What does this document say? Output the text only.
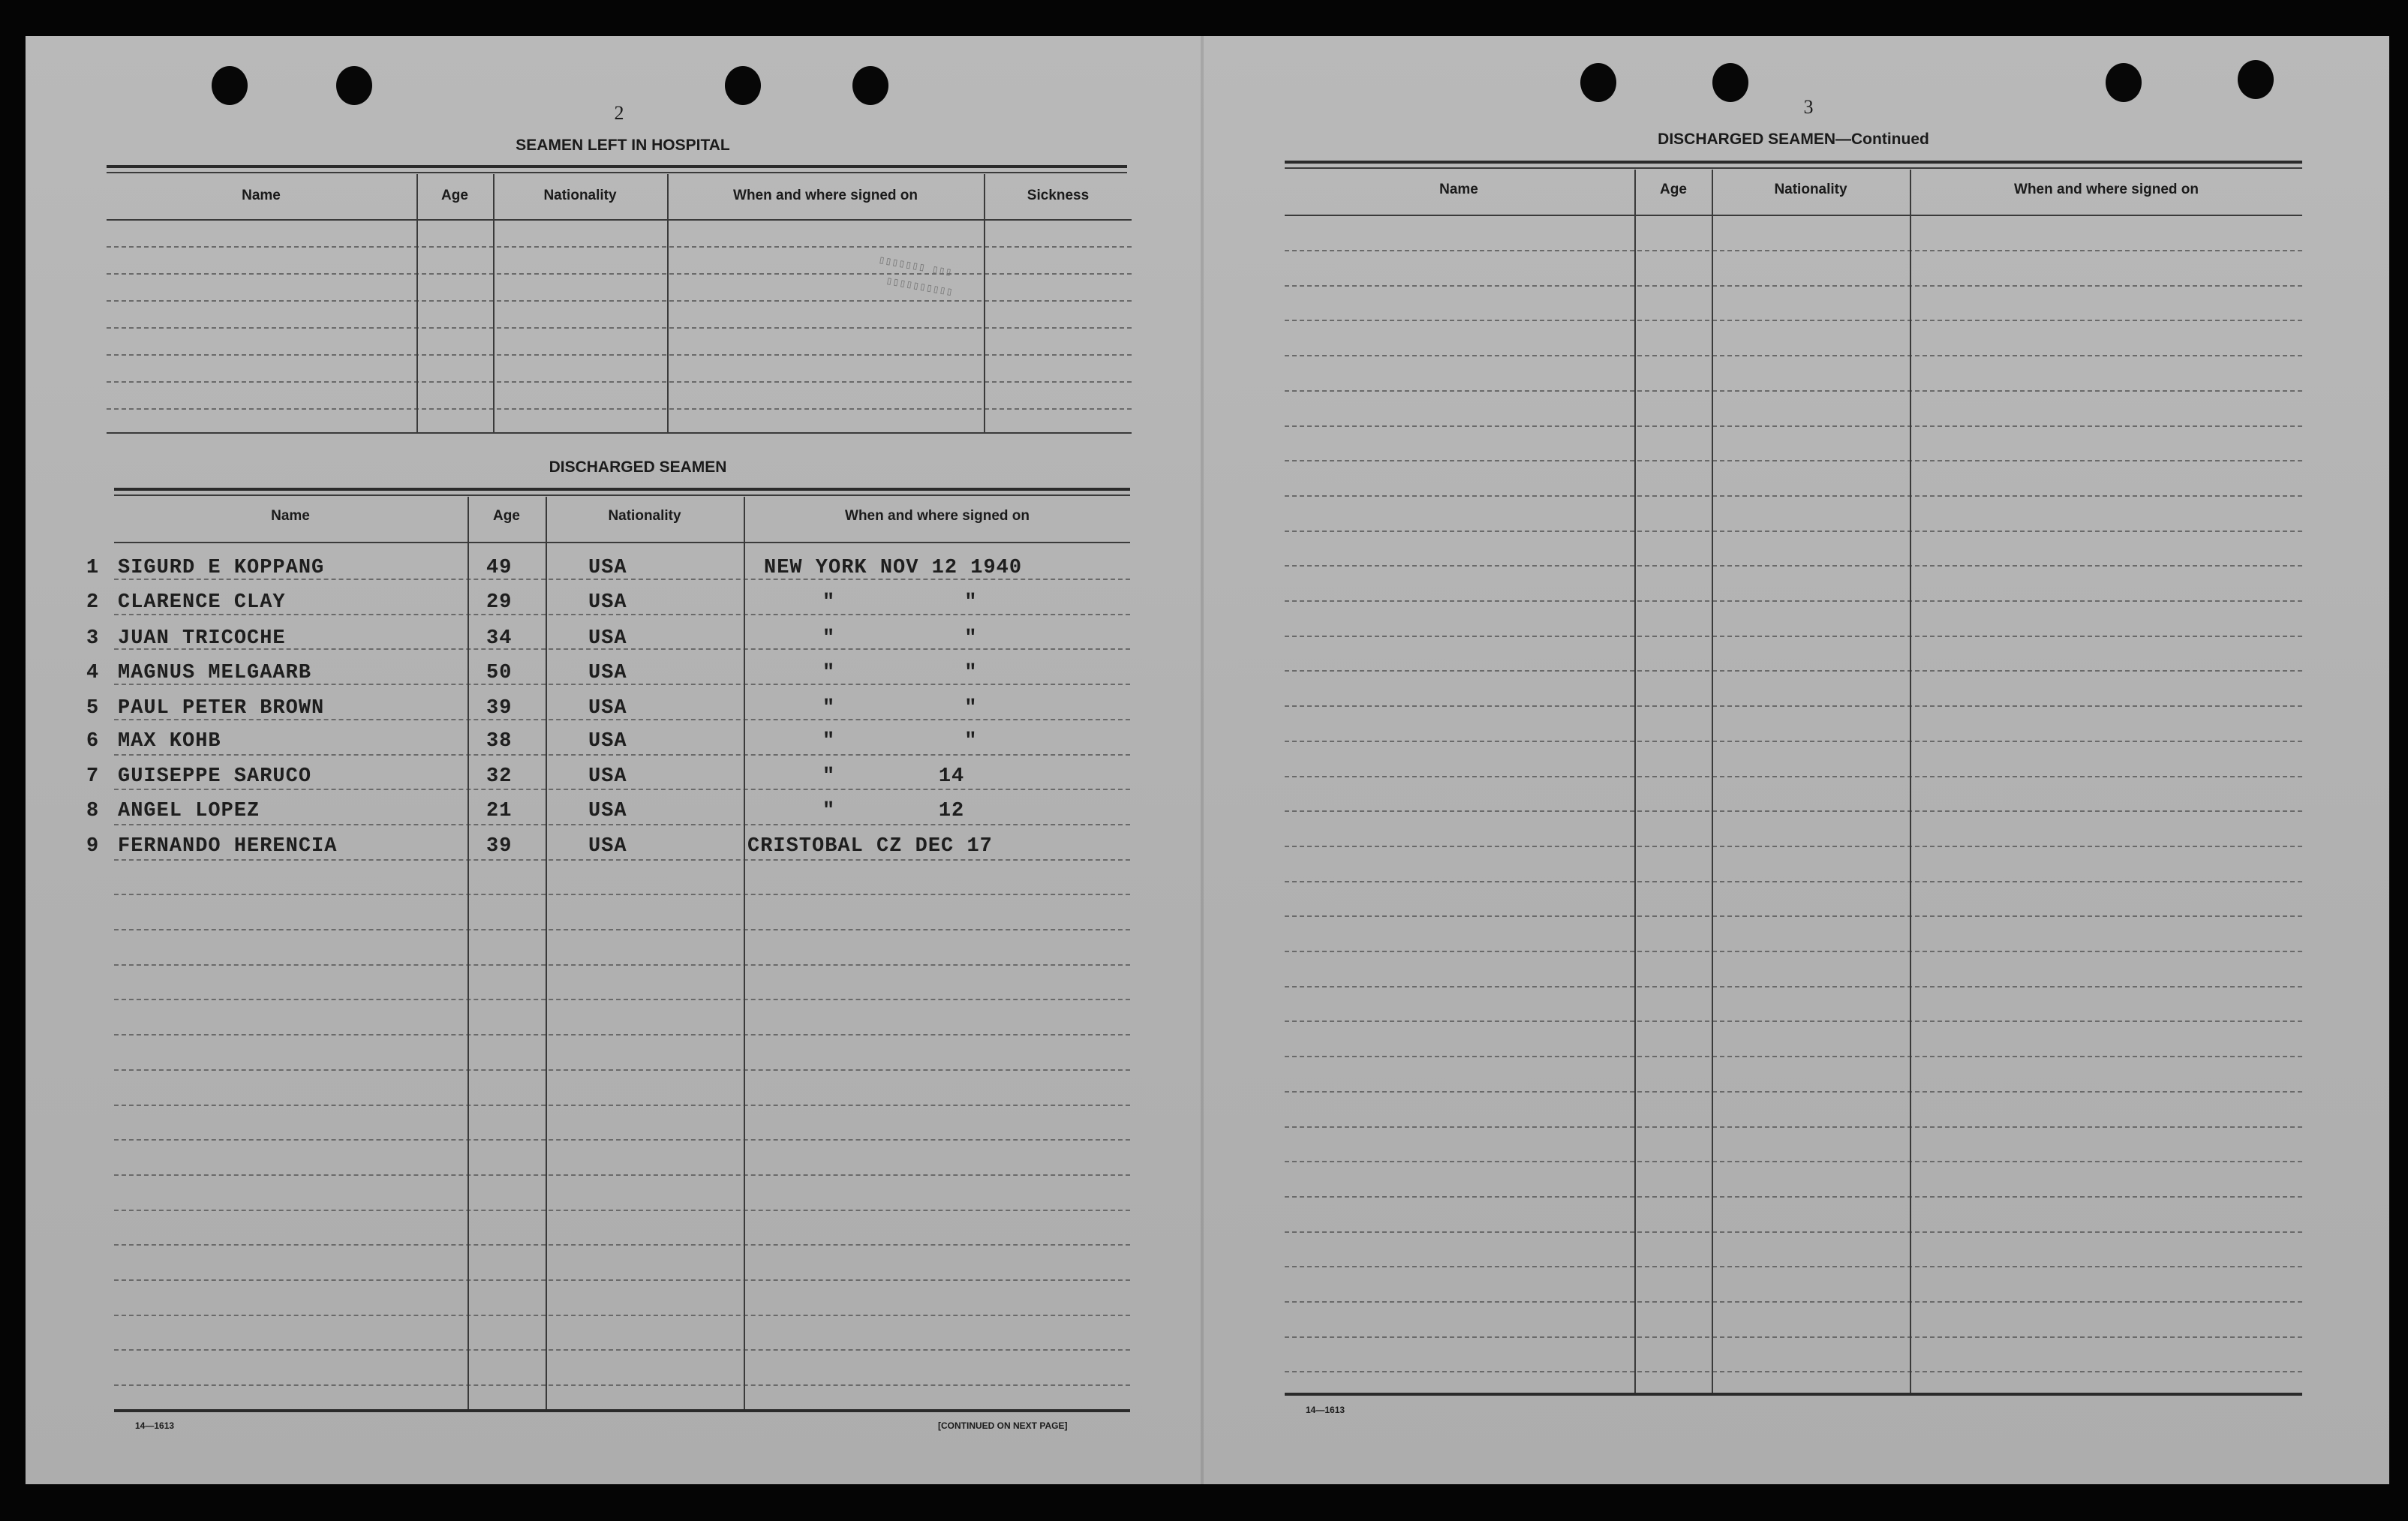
▯▯▯▯▯▯▯ ▯▯▯
▯▯▯▯▯▯▯▯▯▯
2
SEAMEN LEFT IN HOSPITAL
Name	Age	Nationality	When and where signed on	Sickness
DISCHARGED SEAMEN
Name	Age	Nationality	When and where signed on
1 SIGURD E KOPPANG	49	USA	NEW YORK NOV 12 1940
2 CLARENCE CLAY	29	USA	"          "
3 JUAN TRICOCHE	34	USA	"          "
4 MAGNUS MELGAARB	50	USA	"          "
5 PAUL PETER BROWN	39	USA	"          "
6 MAX KOHB	38	USA	"          "
7 GUISEPPE SARUCO	32	USA	"        14
8 ANGEL LOPEZ	21	USA	"        12
9 FERNANDO HERENCIA	39	USA	CRISTOBAL CZ DEC 17
14—1613	[CONTINUED ON NEXT PAGE]
3
DISCHARGED SEAMEN—Continued
Name	Age	Nationality	When and where signed on
14—1613
